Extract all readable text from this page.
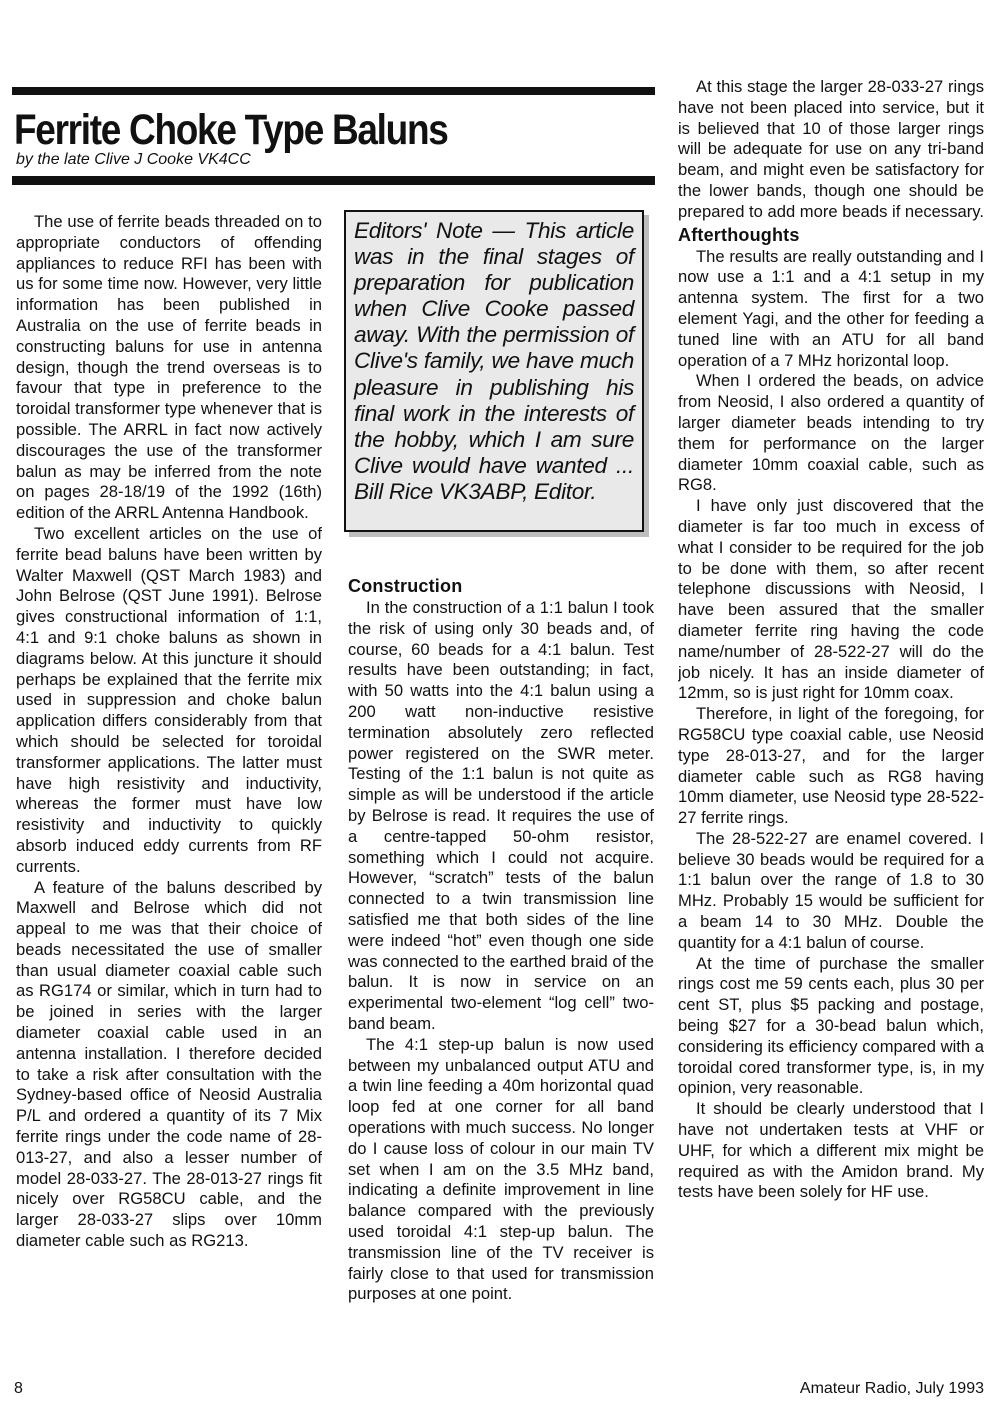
Ferrite Choke Type Baluns

by the late Clive J Cooke VK4CC

The use of ferrite beads threaded on to appropriate conductors of offending appliances to reduce RFI has been with us for some time now. However, very little information has been published in Australia on the use of ferrite beads in constructing baluns for use in antenna design, though the trend overseas is to favour that type in preference to the toroidal transformer type whenever that is possible. The ARRL in fact now actively discourages the use of the transformer balun as may be inferred from the note on pages 28-18/19 of the 1992 (16th) edition of the ARRL Antenna Handbook.

Two excellent articles on the use of ferrite bead baluns have been written by Walter Maxwell (QST March 1983) and John Belrose (QST June 1991). Belrose gives constructional information of 1:1, 4:1 and 9:1 choke baluns as shown in diagrams below. At this juncture it should perhaps be explained that the ferrite mix used in suppression and choke balun application differs considerably from that which should be selected for toroidal transformer applications. The latter must have high resistivity and inductivity, whereas the former must have low resistivity and inductivity to quickly absorb induced eddy currents from RF currents.

A feature of the baluns described by Maxwell and Belrose which did not appeal to me was that their choice of beads necessitated the use of smaller than usual diameter coaxial cable such as RG174 or similar, which in turn had to be joined in series with the larger diameter coaxial cable used in an antenna installation. I therefore decided to take a risk after consultation with the Sydney-based office of Neosid Australia P/L and ordered a quantity of its 7 Mix ferrite rings under the code name of 28-013-27, and also a lesser number of model 28-033-27. The 28-013-27 rings fit nicely over RG58CU cable, and the larger 28-033-27 slips over 10mm diameter cable such as RG213.

Editors' Note — This article was in the final stages of preparation for publication when Clive Cooke passed away. With the permission of Clive's family, we have much pleasure in publishing his final work in the interests of the hobby, which I am sure Clive would have wanted ... Bill Rice VK3ABP, Editor.

Construction

In the construction of a 1:1 balun I took the risk of using only 30 beads and, of course, 60 beads for a 4:1 balun. Test results have been outstanding; in fact, with 50 watts into the 4:1 balun using a 200 watt non-inductive resistive termination absolutely zero reflected power registered on the SWR meter. Testing of the 1:1 balun is not quite as simple as will be understood if the article by Belrose is read. It requires the use of a centre-tapped 50-ohm resistor, something which I could not acquire. However, “scratch” tests of the balun connected to a twin transmission line satisfied me that both sides of the line were indeed “hot” even though one side was connected to the earthed braid of the balun. It is now in service on an experimental two-element “log cell” two-band beam.

The 4:1 step-up balun is now used between my unbalanced output ATU and a twin line feeding a 40m horizontal quad loop fed at one corner for all band operations with much success. No longer do I cause loss of colour in our main TV set when I am on the 3.5 MHz band, indicating a definite improvement in line balance compared with the previously used toroidal 4:1 step-up balun. The transmission line of the TV receiver is fairly close to that used for transmission purposes at one point.

At this stage the larger 28-033-27 rings have not been placed into service, but it is believed that 10 of those larger rings will be adequate for use on any tri-band beam, and might even be satisfactory for the lower bands, though one should be prepared to add more beads if necessary.

Afterthoughts

The results are really outstanding and I now use a 1:1 and a 4:1 setup in my antenna system. The first for a two element Yagi, and the other for feeding a tuned line with an ATU for all band operation of a 7 MHz horizontal loop.

When I ordered the beads, on advice from Neosid, I also ordered a quantity of larger diameter beads intending to try them for performance on the larger diameter 10mm coaxial cable, such as RG8.

I have only just discovered that the diameter is far too much in excess of what I consider to be required for the job to be done with them, so after recent telephone discussions with Neosid, I have been assured that the smaller diameter ferrite ring having the code name/number of 28-522-27 will do the job nicely. It has an inside diameter of 12mm, so is just right for 10mm coax.

Therefore, in light of the foregoing, for RG58CU type coaxial cable, use Neosid type 28-013-27, and for the larger diameter cable such as RG8 having 10mm diameter, use Neosid type 28-522-27 ferrite rings.

The 28-522-27 are enamel covered. I believe 30 beads would be required for a 1:1 balun over the range of 1.8 to 30 MHz. Probably 15 would be sufficient for a beam 14 to 30 MHz. Double the quantity for a 4:1 balun of course.

At the time of purchase the smaller rings cost me 59 cents each, plus 30 per cent ST, plus $5 packing and postage, being $27 for a 30-bead balun which, considering its efficiency compared with a toroidal cored transformer type, is, in my opinion, very reasonable.

It should be clearly understood that I have not undertaken tests at VHF or UHF, for which a different mix might be required as with the Amidon brand. My tests have been solely for HF use.

8	Amateur Radio, July 1993
